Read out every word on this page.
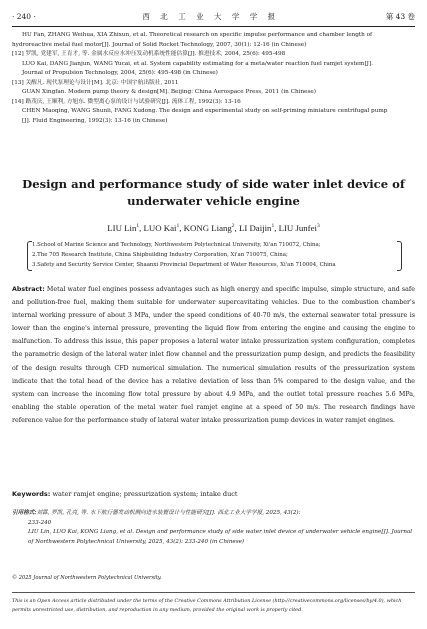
· 240 ·	西 北 工 业 大 学 学 报	第 43 卷
HU Fan, ZHANG Weihua, XIA Zhixun, et al. Theoretical research on specific impulse performance and chamber length of
hydroreactive metal fuel motor[J]. Journal of Solid Rocket Technology, 2007, 30(1): 12-16 (in Chinese)
[12] 罗凯, 党建军, 王育才, 等. 金属水反应水冲压发动机系统性能估算[J]. 推进技术, 2004, 25(6): 495-498
LUO Kai, DANG Jianjun, WANG Yucai, et al. System capability estimating for a meta/water reaction fuel ramjet system[J].
Journal of Propulsion Technology, 2004, 25(6): 495-498 (in Chinese)
[13] 关醒凡. 现代泵理论与设计[M]. 北京: 中国宇航出版社, 2011
GUAN Xingfan. Modern pump theory & design[M]. Beijing: China Aerospace Press, 2011 (in Chinese)
[14] 路茂庆, 王顺利, 方旭东. 微型离心泵的设计与试验研究[J]. 流体工程, 1992(3): 13-16
CHEN Maoqing, WANG Shunli, FANG Xudong. The design and experimental study on self-priming miniature centrifugal pump
[J]. Fluid Engineering, 1992(3): 13-16 (in Chinese)
Design and performance study of side water inlet device of
underwater vehicle engine
LIU Lin$^1$, LUO Kai$^1$, KONG Liang$^2$, LI Daijin$^1$, LIU Junfei$^3$
1.School of Marine Science and Technology, Northwestern Polytechnical University, Xi'an 710072, China;
2.The 705 Research Institute, China Shipbuilding Industry Corporation, Xi'an 710075, China;
3.Safety and Security Service Center, Shaanxi Provincial Department of Water Resources, Xi'an 710004, China
Abstract: Metal water fuel engines possess advantages such as high energy and specific impulse, simple structure, and safe and pollution-free fuel, making them suitable for underwater supercavitating vehicles. Due to the combustion chamber's internal working pressure of about 3 MPa, under the speed conditions of 40-70 m/s, the external seawater total pressure is lower than the engine's internal pressure, preventing the liquid flow from entering the engine and causing the engine to malfunction. To address this issue, this paper proposes a lateral water intake pressurization system configuration, completes the parametric design of the lateral water inlet flow channel and the pressurization pump design, and predicts the feasibility of the design results through CFD numerical simulation. The numerical simulation results of the pressurization system indicate that the total head of the device has a relative deviation of less than 5% compared to the design value, and the system can increase the incoming flow total pressure by about 4.9 MPa, and the outlet total pressure reaches 5.6 MPa, enabling the stable operation of the metal water fuel ramjet engine at a speed of 50 m/s. The research findings have reference value for the performance study of lateral water intake pressurization pump devices in water ramjet engines.
Keywords: water ramjet engine; pressurization system; intake duct
引用格式:刘霖, 罗凯, 孔亮, 等. 水下航行器发动机侧向进水装置设计与性能研究[J]. 西北工业大学学报, 2025, 43(2):
233-240
LIU Lin, LUO Kai, KONG Liang, et al. Design and performance study of side water inlet device of underwater vehicle engine[J]. Journal of Northwestern Polytechnical University, 2025, 43(2): 233-240 (in Chinese)
© 2025 Journal of Northwestern Polytechnical University.
This is an Open Access article distributed under the terms of the Creative Commons Attribution License (http://creativecommons.org/licenses/by/4.0), which
permits unrestricted use, distribution, and reproduction in any medium, provided the original work is properly cited.
